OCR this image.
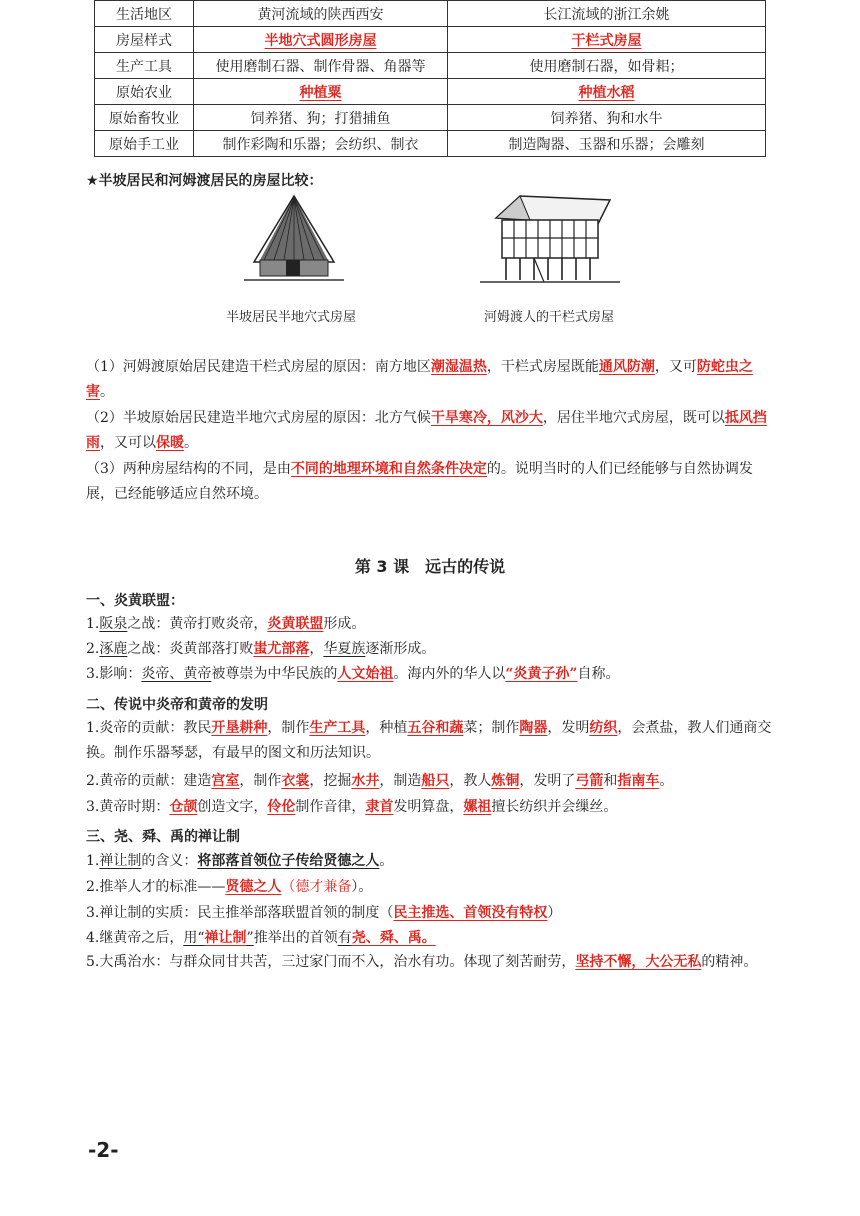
生活地区	黄河流域的陕西西安	长江流域的浙江余姚
房屋样式	半地穴式圆形房屋	干栏式房屋
生产工具	使用磨制石器、制作骨器、角器等	使用磨制石器，如骨耜；
原始农业	种植粟	种植水稻
原始畜牧业	饲养猪、狗；打猎捕鱼	饲养猪、狗和水牛
原始手工业	制作彩陶和乐器；会纺织、制衣	制造陶器、玉器和乐器；会雕刻
★半坡居民和河姆渡居民的房屋比较：
半坡居民半地穴式房屋	河姆渡人的干栏式房屋
（1）河姆渡原始居民建造干栏式房屋的原因：南方地区潮湿温热，干栏式房屋既能通风防潮，又可防蛇虫之害。
（2）半坡原始居民建造半地穴式房屋的原因：北方气候干旱寒冷，风沙大，居住半地穴式房屋，既可以抵风挡雨，又可以保暖。
（3）两种房屋结构的不同，是由不同的地理环境和自然条件决定的。说明当时的人们已经能够与自然协调发展，已经能够适应自然环境。
第 3 课　远古的传说
一、炎黄联盟：
1.阪泉之战：黄帝打败炎帝，炎黄联盟形成。
2.涿鹿之战：炎黄部落打败蚩尤部落，华夏族逐渐形成。
3.影响：炎帝、黄帝被尊崇为中华民族的人文始祖。海内外的华人以“炎黄子孙”自称。
二、传说中炎帝和黄帝的发明
1.炎帝的贡献：教民开垦耕种，制作生产工具，种植五谷和蔬菜；制作陶器，发明纺织，会煮盐，教人们通商交换。制作乐器琴瑟，有最早的图文和历法知识。
2.黄帝的贡献：建造宫室，制作衣裳，挖掘水井，制造船只，教人炼铜，发明了弓箭和指南车。
3.黄帝时期：仓颉创造文字，伶伦制作音律，隶首发明算盘，嫘祖擅长纺织并会缫丝。
三、尧、舜、禹的禅让制
1.禅让制的含义：将部落首领位子传给贤德之人。
2.推举人才的标准——贤德之人（德才兼备）。
3.禅让制的实质：民主推举部落联盟首领的制度（民主推选、首领没有特权）
4.继黄帝之后，用“禅让制”推举出的首领有尧、舜、禹。
5.大禹治水：与群众同甘共苦，三过家门而不入，治水有功。体现了刻苦耐劳，坚持不懈，大公无私的精神。
-2-
